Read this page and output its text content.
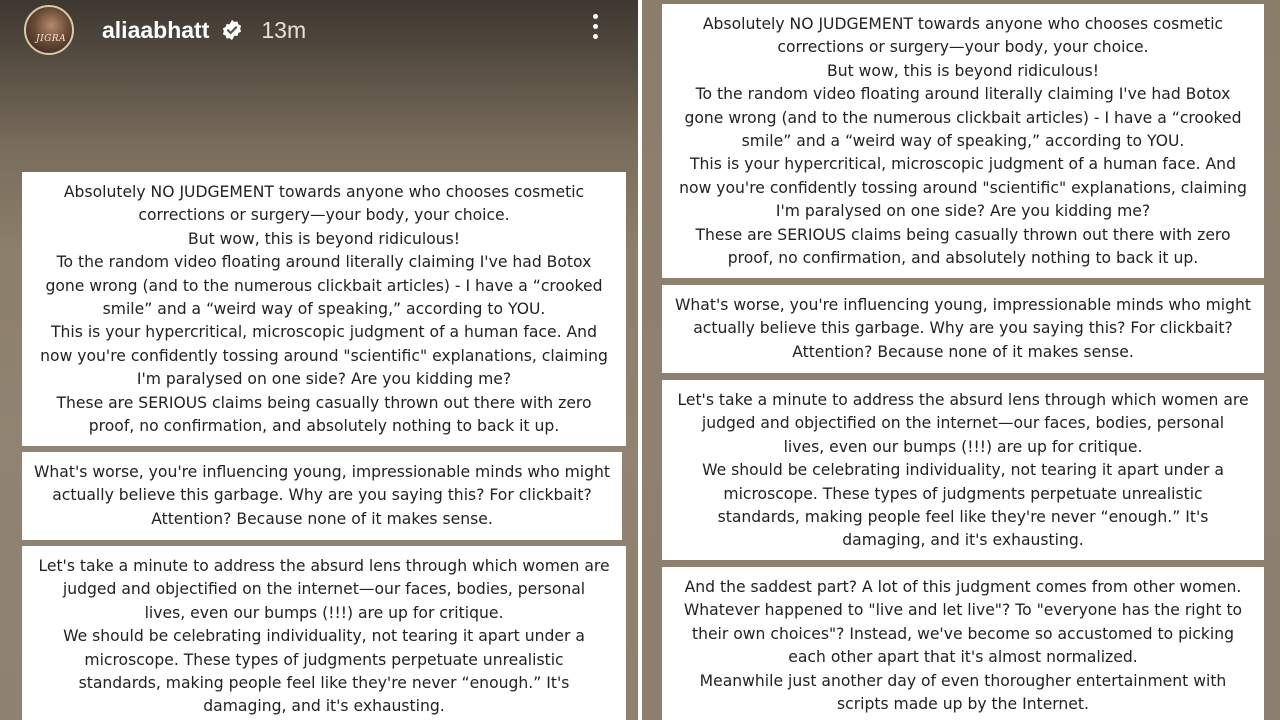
JIGRA aliaabhatt 13m
Absolutely NO JUDGEMENT towards anyone who chooses cosmetic
corrections or surgery—your body, your choice.
But wow, this is beyond ridiculous!
To the random video floating around literally claiming I've had Botox
gone wrong (and to the numerous clickbait articles) - I have a “crooked
smile” and a “weird way of speaking,” according to YOU.
This is your hypercritical, microscopic judgment of a human face. And
now you're confidently tossing around "scientific" explanations, claiming
I'm paralysed on one side? Are you kidding me?
These are SERIOUS claims being casually thrown out there with zero
proof, no confirmation, and absolutely nothing to back it up.
What's worse, you're influencing young, impressionable minds who might
actually believe this garbage. Why are you saying this? For clickbait?
Attention? Because none of it makes sense.
Let's take a minute to address the absurd lens through which women are
judged and objectified on the internet—our faces, bodies, personal
lives, even our bumps (!!!) are up for critique.
We should be celebrating individuality, not tearing it apart under a
microscope. These types of judgments perpetuate unrealistic
standards, making people feel like they're never “enough.” It's
damaging, and it's exhausting.
Absolutely NO JUDGEMENT towards anyone who chooses cosmetic
corrections or surgery—your body, your choice.
But wow, this is beyond ridiculous!
To the random video floating around literally claiming I've had Botox
gone wrong (and to the numerous clickbait articles) - I have a “crooked
smile” and a “weird way of speaking,” according to YOU.
This is your hypercritical, microscopic judgment of a human face. And
now you're confidently tossing around "scientific" explanations, claiming
I'm paralysed on one side? Are you kidding me?
These are SERIOUS claims being casually thrown out there with zero
proof, no confirmation, and absolutely nothing to back it up.
What's worse, you're influencing young, impressionable minds who might
actually believe this garbage. Why are you saying this? For clickbait?
Attention? Because none of it makes sense.
Let's take a minute to address the absurd lens through which women are
judged and objectified on the internet—our faces, bodies, personal
lives, even our bumps (!!!) are up for critique.
We should be celebrating individuality, not tearing it apart under a
microscope. These types of judgments perpetuate unrealistic
standards, making people feel like they're never “enough.” It's
damaging, and it's exhausting.
And the saddest part? A lot of this judgment comes from other women.
Whatever happened to "live and let live"? To "everyone has the right to
their own choices"? Instead, we've become so accustomed to picking
each other apart that it's almost normalized.
Meanwhile just another day of even thorougher entertainment with
scripts made up by the Internet.
